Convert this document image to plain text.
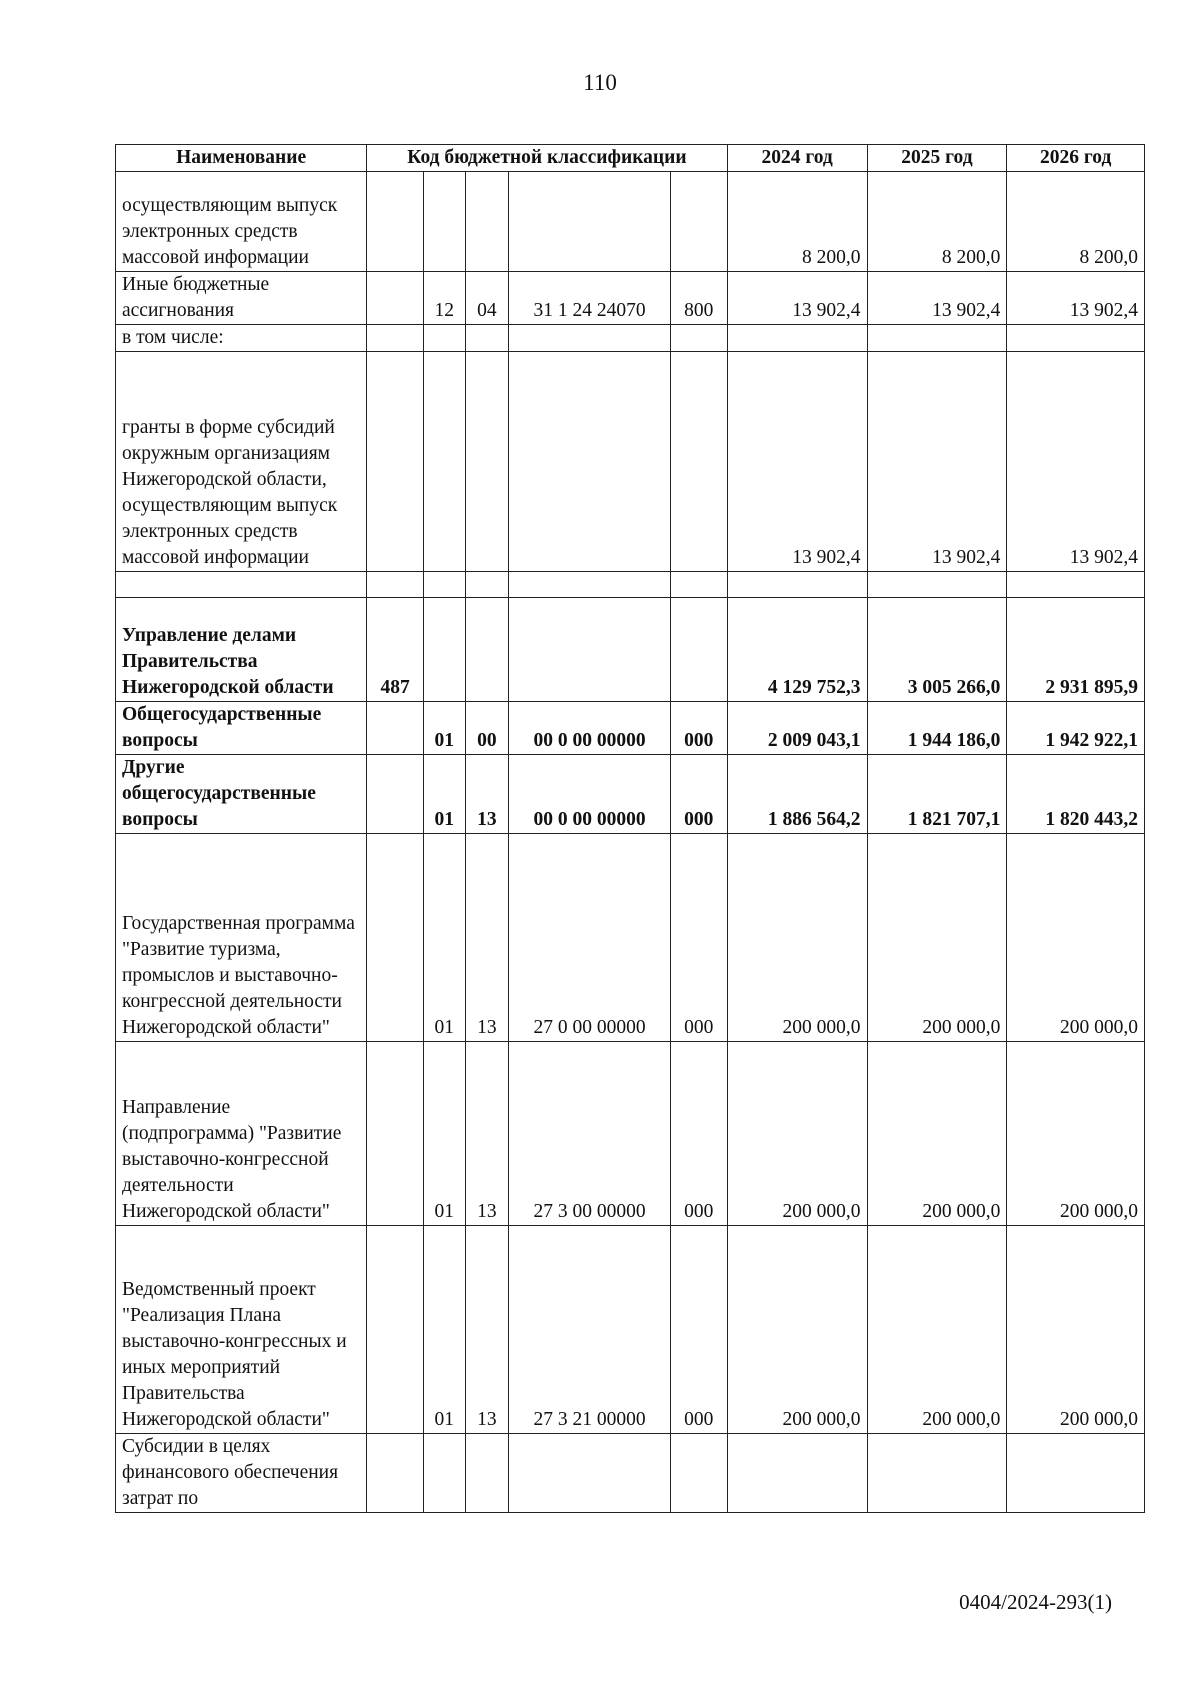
110
Наименование	Код бюджетной классификации					2024 год	2025 год	2026 год
осуществляющим выпуск электронных средств массовой информации						8 200,0	8 200,0	8 200,0
Иные бюджетные ассигнования		12	04	31 1 24 24070	800	13 902,4	13 902,4	13 902,4
в том числе:								
гранты в форме субсидий окружным организациям Нижегородской области, осуществляющим выпуск электронных средств массовой информации						13 902,4	13 902,4	13 902,4

Управление делами Правительства Нижегородской области	487					4 129 752,3	3 005 266,0	2 931 895,9
Общегосударственные вопросы		01	00	00 0 00 00000	000	2 009 043,1	1 944 186,0	1 942 922,1
Другие общегосударственные вопросы		01	13	00 0 00 00000	000	1 886 564,2	1 821 707,1	1 820 443,2
Государственная программа "Развитие туризма, промыслов и выставочно-конгрессной деятельности Нижегородской области"		01	13	27 0 00 00000	000	200 000,0	200 000,0	200 000,0
Направление (подпрограмма) "Развитие выставочно-конгрессной деятельности Нижегородской области"		01	13	27 3 00 00000	000	200 000,0	200 000,0	200 000,0
Ведомственный проект "Реализация Плана выставочно-конгрессных и иных мероприятий Правительства Нижегородской области"		01	13	27 3 21 00000	000	200 000,0	200 000,0	200 000,0
Субсидии в целях финансового обеспечения затрат по								
0404/2024-293(1)
